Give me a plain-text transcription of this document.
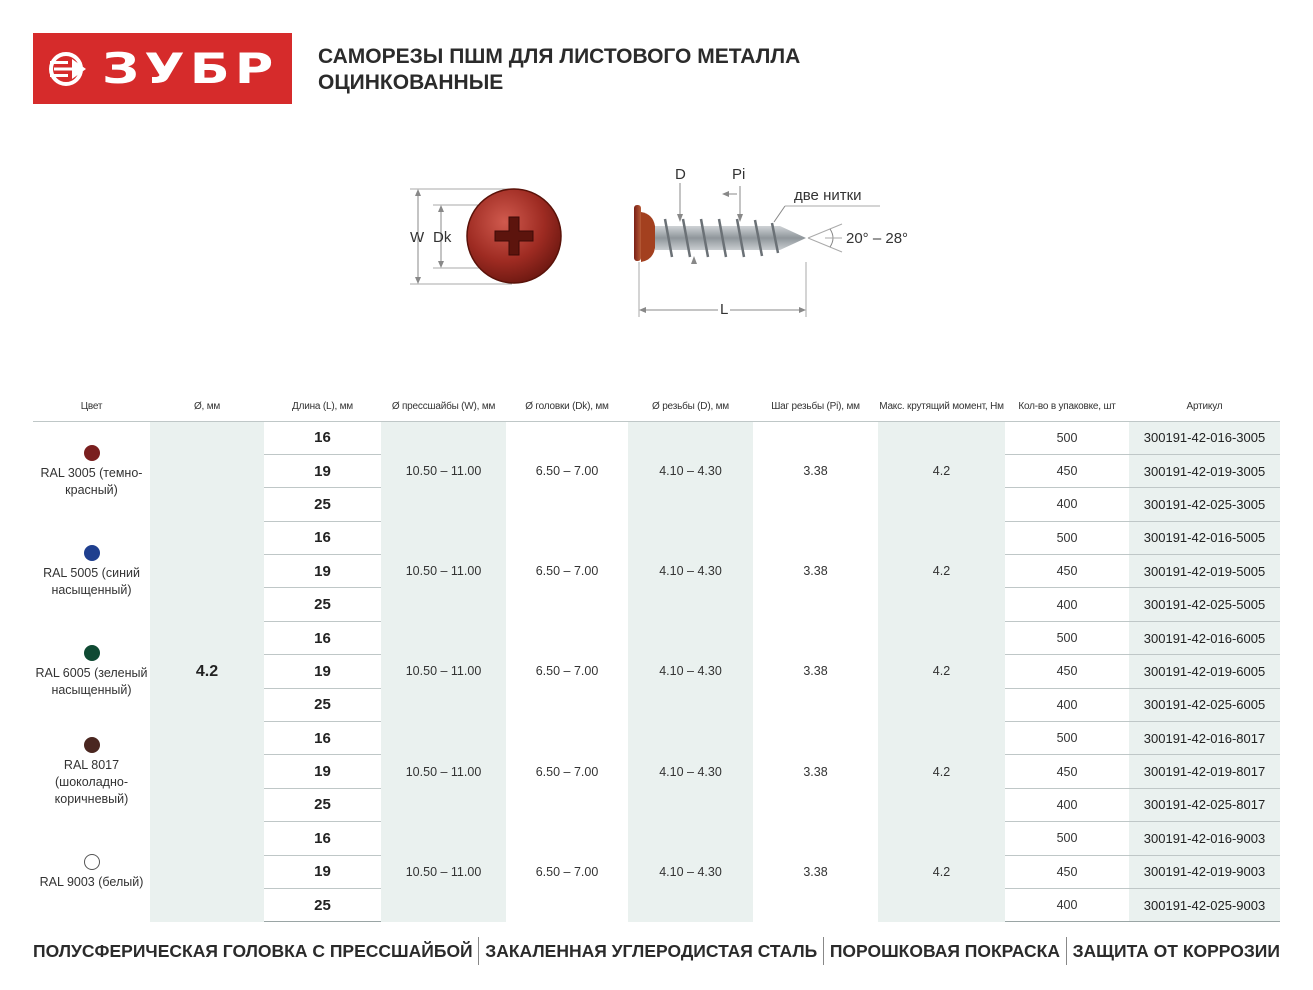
ЗУБР САМОРЕЗЫ ПШМ ДЛЯ ЛИСТОВОГО МЕТАЛЛА
ОЦИНКОВАННЫЕ
W Dk
D	Pi
две нитки
20° – 28°
L
Цвет	Ø, мм	Длина (L), мм	Ø прессшайбы (W), мм	Ø головки (Dk), мм	Ø резьбы (D), мм	Шаг резьбы (Pi), мм	Макс. крутящий момент, Нм	Кол-во в упаковке, шт	Артикул

RAL 3005 (темно-красный)	4.2	16	10.50 – 11.00	6.50 – 7.00	4.10 – 4.30	3.38	4.2	500	300191-42-016-3005
		19						450	300191-42-019-3005
		25						400	300191-42-025-3005

RAL 5005 (синий насыщенный)		16	10.50 – 11.00	6.50 – 7.00	4.10 – 4.30	3.38	4.2	500	300191-42-016-5005
		19						450	300191-42-019-5005
		25						400	300191-42-025-5005

RAL 6005 (зеленый насыщенный)		16	10.50 – 11.00	6.50 – 7.00	4.10 – 4.30	3.38	4.2	500	300191-42-016-6005
		19						450	300191-42-019-6005
		25						400	300191-42-025-6005

RAL 8017 (шоколадно-коричневый)		16	10.50 – 11.00	6.50 – 7.00	4.10 – 4.30	3.38	4.2	500	300191-42-016-8017
		19						450	300191-42-019-8017
		25						400	300191-42-025-8017

RAL 9003 (белый)		16	10.50 – 11.00	6.50 – 7.00	4.10 – 4.30	3.38	4.2	500	300191-42-016-9003
		19						450	300191-42-019-9003
		25						400	300191-42-025-9003
ПОЛУСФЕРИЧЕСКАЯ ГОЛОВКА С ПРЕССШАЙБОЙ ЗАКАЛЕННАЯ УГЛЕРОДИСТАЯ СТАЛЬ ПОРОШКОВАЯ ПОКРАСКА ЗАЩИТА ОТ КОРРОЗИИ
